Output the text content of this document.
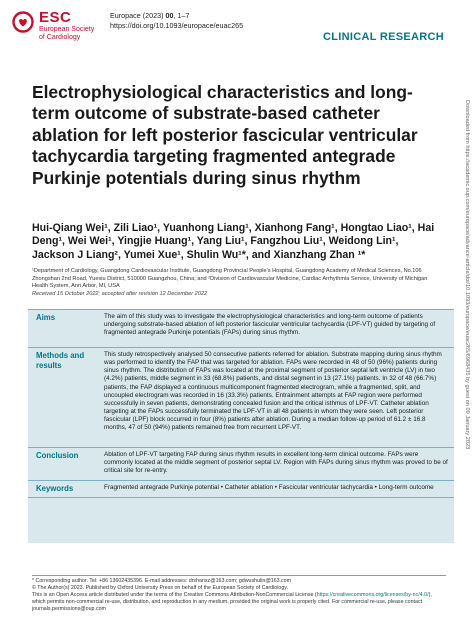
ESC
European Society
of Cardiology
Europace (2023) 00, 1–7
https://doi.org/10.1093/europace/euac265
CLINICAL RESEARCH
Electrophysiological characteristics and long-term outcome of substrate-based catheter ablation for left posterior fascicular ventricular tachycardia targeting fragmented antegrade Purkinje potentials during sinus rhythm

Hui-Qiang Wei¹, Zili Liao¹, Yuanhong Liang¹, Xianhong Fang¹, Hongtao Liao¹, Hai Deng¹, Wei Wei¹, Yingjie Huang¹, Yang Liu¹, Fangzhou Liu¹, Weidong Lin¹, Jackson J Liang², Yumei Xue¹, Shulin Wu¹*, and Xianzhang Zhan ¹*

¹Department of Cardiology, Guangdong Cardiovascular Institute, Guangdong Provincial People's Hospital, Guangdong Academy of Medical Sciences, No.106 Zhongshan 2nd Road, Yuexiu District, 510000 Guangzhou, China; and ²Division of Cardiovascular Medicine, Cardiac Arrhythmia Service, University of Michigan Health System, Ann Arbor, MI, USA

Received 15 October 2022; accepted after revision 12 December 2022

Aims	The aim of this study was to investigate the electrophysiological characteristics and long-term outcome of patients undergoing substrate-based ablation of left posterior fascicular ventricular tachycardia (LPF-VT) guided by targeting of fragmented antegrade Purkinje potentials (FAPs) during sinus rhythm.

Methods and results

This study retrospectively analysed 50 consecutive patients referred for ablation. Substrate mapping during sinus rhythm was performed to identify the FAP that was targeted for ablation. FAPs were recorded in 48 of 50 (96%) patients during sinus rhythm. The distribution of FAPs was located at the proximal segment of posterior septal left ventricle (LV) in two (4.2%) patients, middle segment in 33 (68.8%) patients, and distal segment in 13 (27.1%) patients. In 32 of 48 (66.7%) patients, the FAP displayed a continuous multicomponent fragmented electrogram, while a fragmented, split, and uncoupled electrogram was recorded in 16 (33.3%) patients. Entrainment attempts at FAP region were performed successfully in seven patients, demonstrating concealed fusion and the critical isthmus of LPF-VT. Catheter ablation targeting at the FAPs successfully terminated the LPF-VT in all 48 patients in whom they were seen. Left posterior fascicular (LPF) block occurred in four (8%) patients after ablation. During a median follow-up period of 61.2 ± 16.8 months, 47 of 50 (94%) patients remained free from recurrent LPF-VT.

Conclusion	Ablation of LPF-VT targeting FAP during sinus rhythm results in excellent long-term clinical outcome. FAPs were commonly located at the middle segment of posterior septal LV. Region with FAPs during sinus rhythm was proved to be of critical site for re-entry.

Keywords	Fragmented antegrade Purkinje potential • Catheter ablation • Fascicular ventricular tachycardia • Long-term outcome

* Corresponding author. Tel: +86 13602435396. E-mail addresses: drshanxz@163.com; gdwushulin@163.com
© The Author(s) 2023. Published by Oxford University Press on behalf of the European Society of Cardiology.
This is an Open Access article distributed under the terms of the Creative Commons Attribution-NonCommercial License (https://creativecommons.org/licenses/by-nc/4.0/), which permits non-commercial re-use, distribution, and reproduction in any medium, provided the original work is properly cited. For commercial re-use, please contact journals.permissions@oup.com

Downloaded from https://academic.oup.com/europace/advance-article/doi/10.1093/europace/euac265/6968435 by guest on 09 January 2023
